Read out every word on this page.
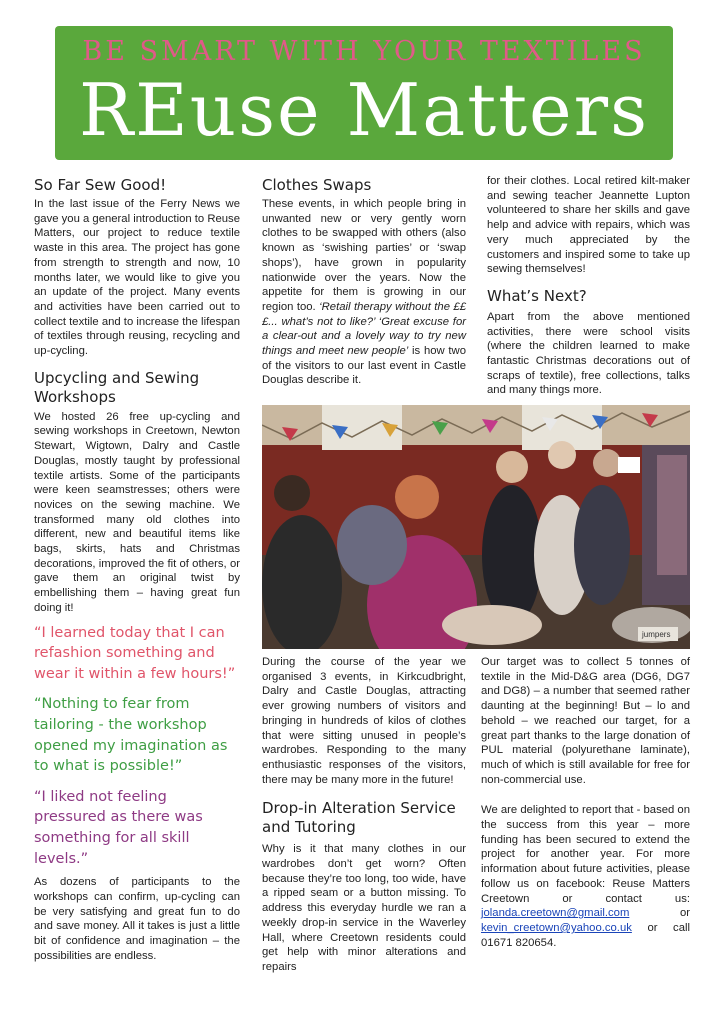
BE SMART WITH YOUR TEXTILES
REuse Matters
So Far Sew Good!

In the last issue of the Ferry News we gave you a general introduction to Reuse Matters, our project to reduce textile waste in this area. The project has gone from strength to strength and now, 10 months later, we would like to give you an update of the project. Many events and activities have been carried out to collect textile and to increase the lifespan of textiles through reusing, recycling and up-cycling.

Upcycling and Sewing Workshops

We hosted 26 free up-cycling and sewing workshops in Creetown, Newton Stewart, Wigtown, Dalry and Castle Douglas, mostly taught by professional textile artists. Some of the participants were keen seamstresses; others were novices on the sewing machine. We transformed many old clothes into different, new and beautiful items like bags, skirts, hats and Christmas decorations, improved the fit of others, or gave them an original twist by embellishing them – having great fun doing it!

“I learned today that I can refashion something and wear it within a few hours!”

“Nothing to fear from tailoring - the workshop opened my imagination as to what is possible!”

“I liked not feeling pressured as there was something for all skill levels.”

As dozens of participants to the workshops can confirm, up-cycling can be very satisfying and great fun to do and save money. All it takes is just a little bit of confidence and imagination – the possibilities are endless.

Clothes Swaps

These events, in which people bring in unwanted new or very gently worn clothes to be swapped with others (also known as ‘swishing parties’ or ‘swap shops’), have grown in popularity nationwide over the years. Now the appetite for them is growing in our region too. ‘Retail therapy without the £££... what’s not to like?’ ‘Great excuse for a clear-out and a lovely way to try new things and meet new people’ is how two of the visitors to our last event in Castle Douglas describe it.

for their clothes. Local retired kilt-maker and sewing teacher Jeannette Lupton volunteered to share her skills and gave help and advice with repairs, which was very much appreciated by the customers and inspired some to take up sewing themselves!

What’s Next?

Apart from the above mentioned activities, there were school visits (where the children learned to make fantastic Christmas decorations out of scraps of textile), free collections, talks and many things more.

jumpers

During the course of the year we organised 3 events, in Kirkcudbright, Dalry and Castle Douglas, attracting ever growing numbers of visitors and bringing in hundreds of kilos of clothes that were sitting unused in people’s wardrobes. Responding to the many enthusiastic responses of the visitors, there may be many more in the future!

Drop-in Alteration Service and Tutoring

Why is it that many clothes in our wardrobes don’t get worn? Often because they’re too long, too wide, have a ripped seam or a button missing. To address this everyday hurdle we ran a weekly drop-in service in the Waverley Hall, where Creetown residents could get help with minor alterations and repairs

Our target was to collect 5 tonnes of textile in the Mid-D&G area (DG6, DG7 and DG8) – a number that seemed rather daunting at the beginning! But – lo and behold – we reached our target, for a great part thanks to the large donation of PUL material (polyurethane laminate), much of which is still available for free for non-commercial use.

We are delighted to report that - based on the success from this year – more funding has been secured to extend the project for another year. For more information about future activities, please follow us on facebook: Reuse Matters Creetown or contact us: jolanda.creetown@gmail.com or kevin_creetown@yahoo.co.uk or call 01671 820654.
